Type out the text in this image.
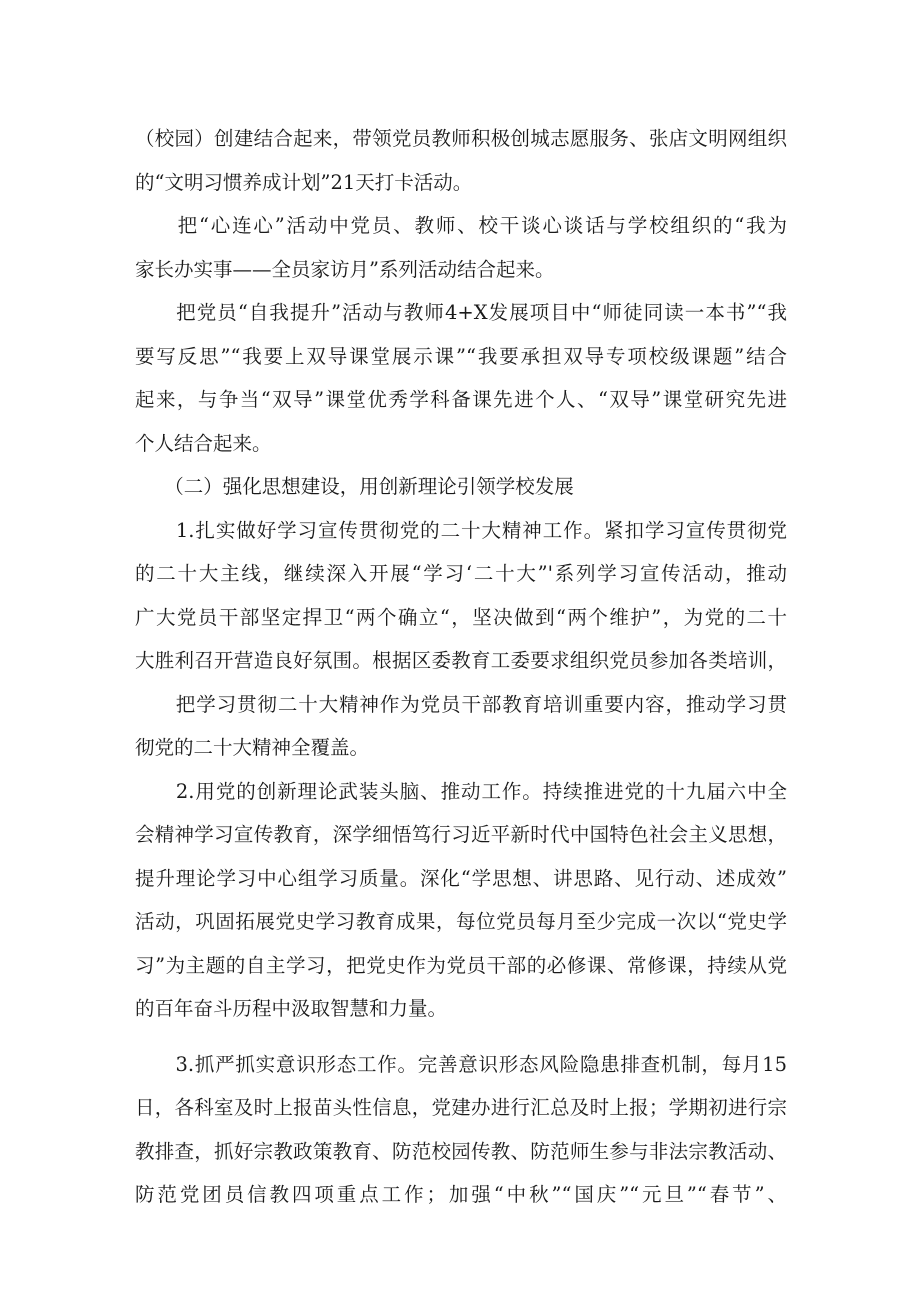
（校园）创建结合起来，带领党员教师积极创城志愿服务、张店文明网组织
的“文明习惯养成计划”21天打卡活动。

　　把“心连心”活动中党员、教师、校干谈心谈话与学校组织的“我为
家长办实事——全员家访月”系列活动结合起来。

　　把党员“自我提升”活动与教师4+X发展项目中“师徒同读一本书”“我
要写反思”“我要上双导课堂展示课”“我要承担双导专项校级课题”结合
起来，与争当“双导”课堂优秀学科备课先进个人、“双导”课堂研究先进
个人结合起来。

　　（二）强化思想建设，用创新理论引领学校发展

　　1.扎实做好学习宣传贯彻党的二十大精神工作。紧扣学习宣传贯彻党
的二十大主线，继续深入开展“学习‘二十大”'系列学习宣传活动，推动
广大党员干部坚定捍卫“两个确立“，坚决做到“两个维护”，为党的二十
大胜利召开营造良好氛围。根据区委教育工委要求组织党员参加各类培训，

　　把学习贯彻二十大精神作为党员干部教育培训重要内容，推动学习贯
彻党的二十大精神全覆盖。

　　2.用党的创新理论武装头脑、推动工作。持续推进党的十九届六中全
会精神学习宣传教育，深学细悟笃行习近平新时代中国特色社会主义思想，
提升理论学习中心组学习质量。深化“学思想、讲思路、见行动、述成效”
活动，巩固拓展党史学习教育成果，每位党员每月至少完成一次以“党史学
习”为主题的自主学习，把党史作为党员干部的必修课、常修课，持续从党
的百年奋斗历程中汲取智慧和力量。

　　3.抓严抓实意识形态工作。完善意识形态风险隐患排查机制，每月15
日，各科室及时上报苗头性信息，党建办进行汇总及时上报；学期初进行宗
教排查，抓好宗教政策教育、防范校园传教、防范师生参与非法宗教活动、
防范党团员信教四项重点工作；加强“中秋”“国庆”“元旦”“春节”、
